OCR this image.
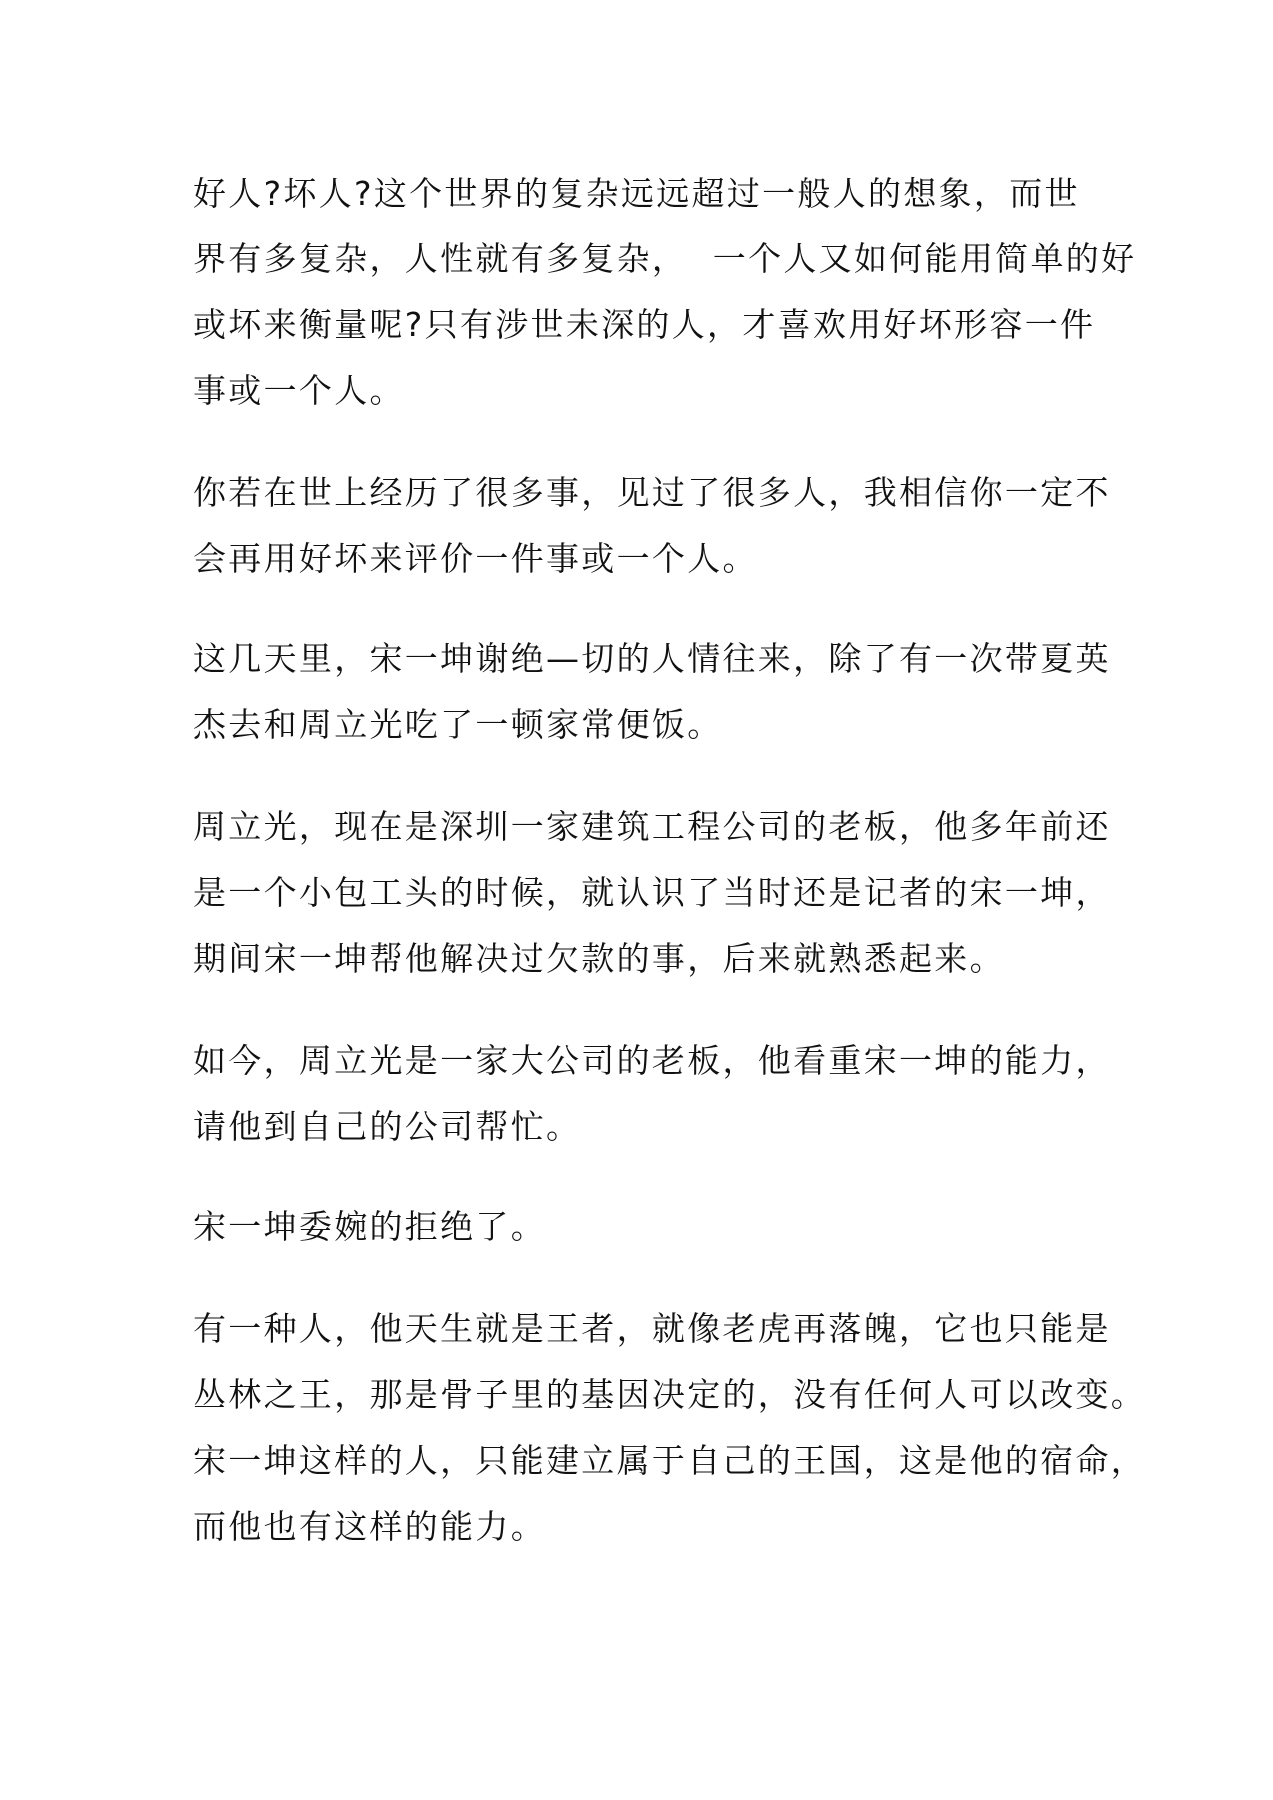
好人?坏人?这个世界的复杂远远超过一般人的想象，而世

界有多复杂，人性就有多复杂，  一个人又如何能用简单的好

或坏来衡量呢?只有涉世未深的人，才喜欢用好坏形容一件

事或一个人。

你若在世上经历了很多事，见过了很多人，我相信你一定不

会再用好坏来评价一件事或一个人。

这几天里，宋一坤谢绝—切的人情往来，除了有一次带夏英

杰去和周立光吃了一顿家常便饭。

周立光，现在是深圳一家建筑工程公司的老板，他多年前还

是一个小包工头的时候，就认识了当时还是记者的宋一坤，

期间宋一坤帮他解决过欠款的事，后来就熟悉起来。

如今，周立光是一家大公司的老板，他看重宋一坤的能力，

请他到自己的公司帮忙。

宋一坤委婉的拒绝了。

有一种人，他天生就是王者，就像老虎再落魄，它也只能是

丛林之王，那是骨子里的基因决定的，没有任何人可以改变。

宋一坤这样的人，只能建立属于自己的王国，这是他的宿命，

而他也有这样的能力。
